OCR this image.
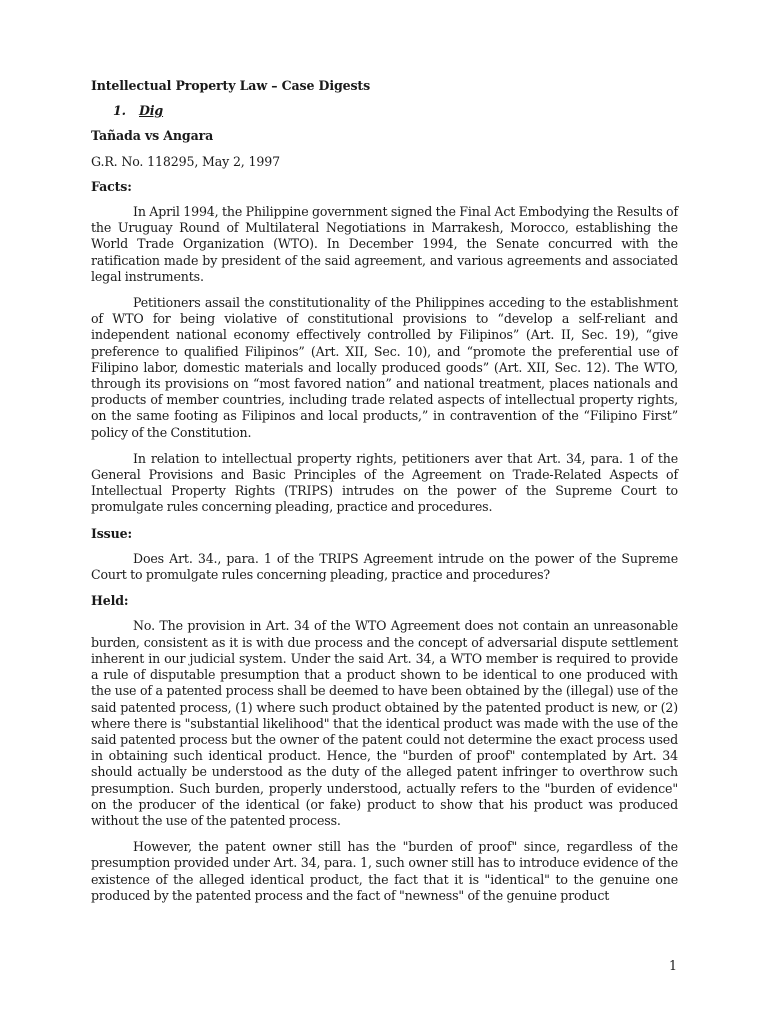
Intellectual Property Law – Case Digests
1. Dig
Tañada vs Angara
G.R. No. 118295, May 2, 1997
Facts:

In April 1994, the Philippine government signed the Final Act Embodying the Results of the Uruguay Round of Multilateral Negotiations in Marrakesh, Morocco, establishing the World Trade Organization (WTO). In December 1994, the Senate concurred with the ratification made by president of the said agreement, and various agreements and associated legal instruments.

Petitioners assail the constitutionality of the Philippines acceding to the establishment of WTO for being violative of constitutional provisions to “develop a self-reliant and independent national economy effectively controlled by Filipinos” (Art. II, Sec. 19), “give preference to qualified Filipinos” (Art. XII, Sec. 10), and “promote the preferential use of Filipino labor, domestic materials and locally produced goods” (Art. XII, Sec. 12). The WTO, through its provisions on “most favored nation” and national treatment, places nationals and products of member countries, including trade related aspects of intellectual property rights, on the same footing as Filipinos and local products,” in contravention of the “Filipino First” policy of the Constitution.

In relation to intellectual property rights, petitioners aver that Art. 34, para. 1 of the General Provisions and Basic Principles of the Agreement on Trade-Related Aspects of Intellectual Property Rights (TRIPS) intrudes on the power of the Supreme Court to promulgate rules concerning pleading, practice and procedures.

Issue:

Does Art. 34., para. 1 of the TRIPS Agreement intrude on the power of the Supreme Court to promulgate rules concerning pleading, practice and procedures?

Held:

No. The provision in Art. 34 of the WTO Agreement does not contain an unreasonable burden, consistent as it is with due process and the concept of adversarial dispute settlement inherent in our judicial system. Under the said Art. 34, a WTO member is required to provide a rule of disputable presumption that a product shown to be identical to one produced with the use of a patented process shall be deemed to have been obtained by the (illegal) use of the said patented process, (1) where such product obtained by the patented product is new, or (2) where there is "substantial likelihood" that the identical product was made with the use of the said patented process but the owner of the patent could not determine the exact process used in obtaining such identical product. Hence, the "burden of proof" contemplated by Art. 34 should actually be understood as the duty of the alleged patent infringer to overthrow such presumption. Such burden, properly understood, actually refers to the "burden of evidence" on the producer of the identical (or fake) product to show that his product was produced without the use of the patented process.

However, the patent owner still has the "burden of proof" since, regardless of the presumption provided under Art. 34, para. 1, such owner still has to introduce evidence of the existence of the alleged identical product, the fact that it is "identical" to the genuine one produced by the patented process and the fact of "newness" of the genuine product

1
